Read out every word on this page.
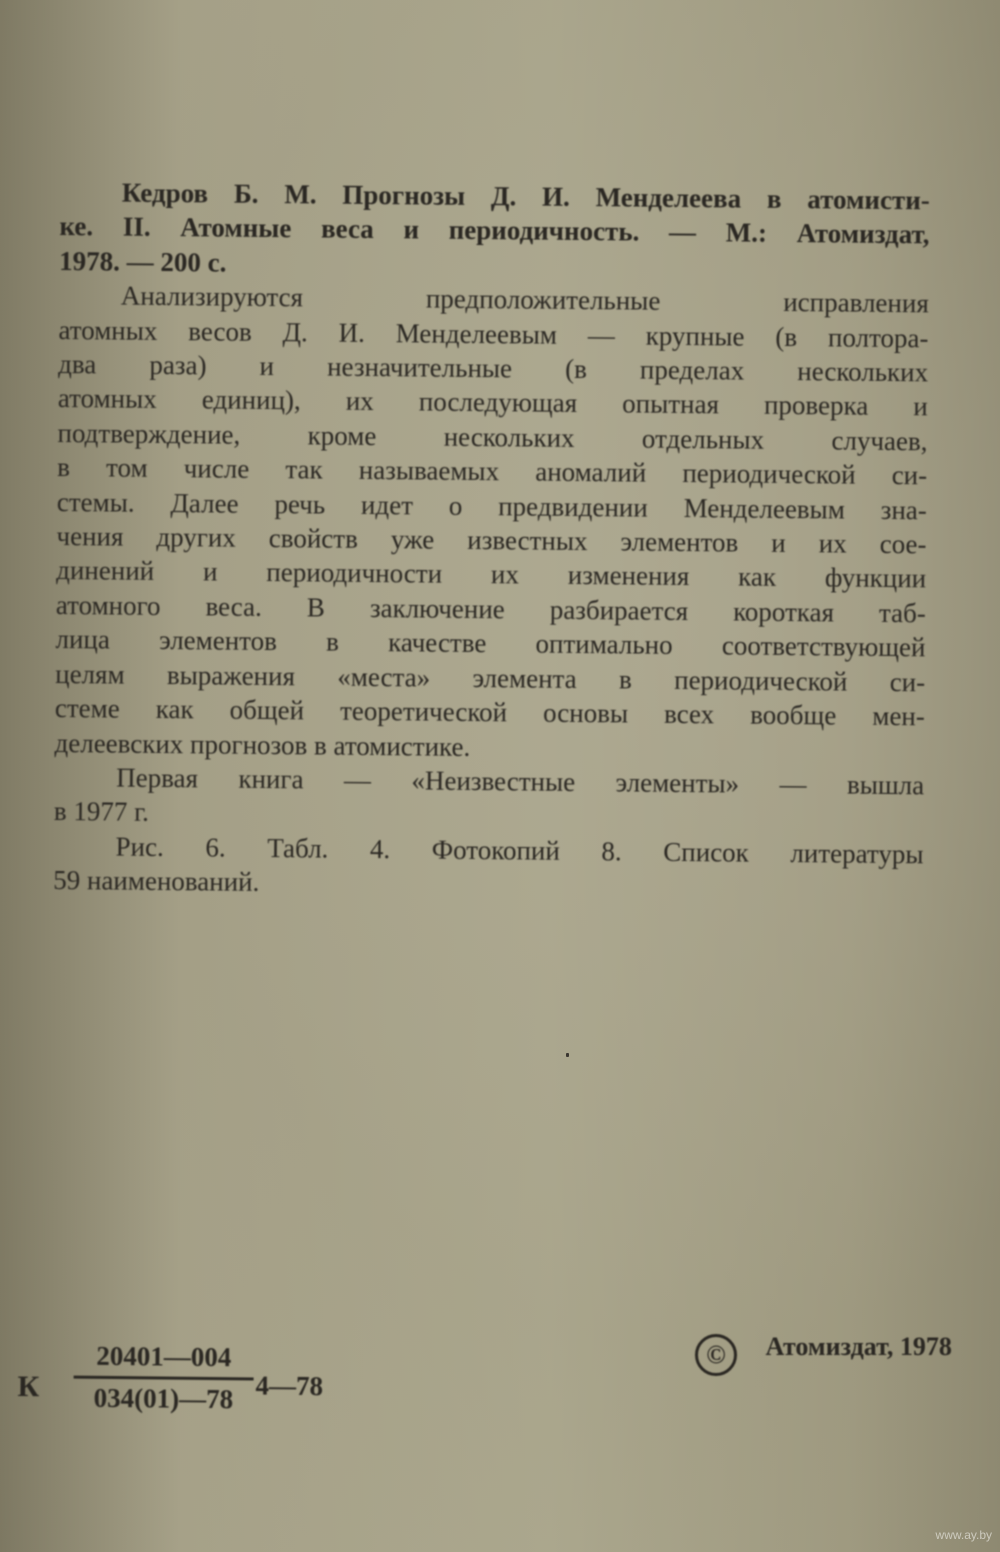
Кедров Б. М. Прогнозы Д. И. Менделеева в атомисти-
ке. II. Атомные веса и периодичность. — М.: Атомиздат,
1978. — 200 с.
Анализируются предположительные исправления
атомных весов Д. И. Менделеевым — крупные (в полтора-
два раза) и незначительные (в пределах нескольких
атомных единиц), их последующая опытная проверка и
подтверждение, кроме нескольких отдельных случаев,
в том числе так называемых аномалий периодической си-
стемы. Далее речь идет о предвидении Менделеевым зна-
чения других свойств уже известных элементов и их сое-
динений и периодичности их изменения как функции
атомного веса. В заключение разбирается короткая таб-
лица элементов в качестве оптимально соответствующей
целям выражения «места» элемента в периодической си-
стеме как общей теоретической основы всех вообще мен-
делеевских прогнозов в атомистике.
Первая книга — «Неизвестные элементы» — вышла
в 1977 г.
Рис. 6. Табл. 4. Фотокопий 8. Список литературы
59 наименований.
К
20401—004
034(01)—78 4—78
© Атомиздат, 1978
www.ay.by
